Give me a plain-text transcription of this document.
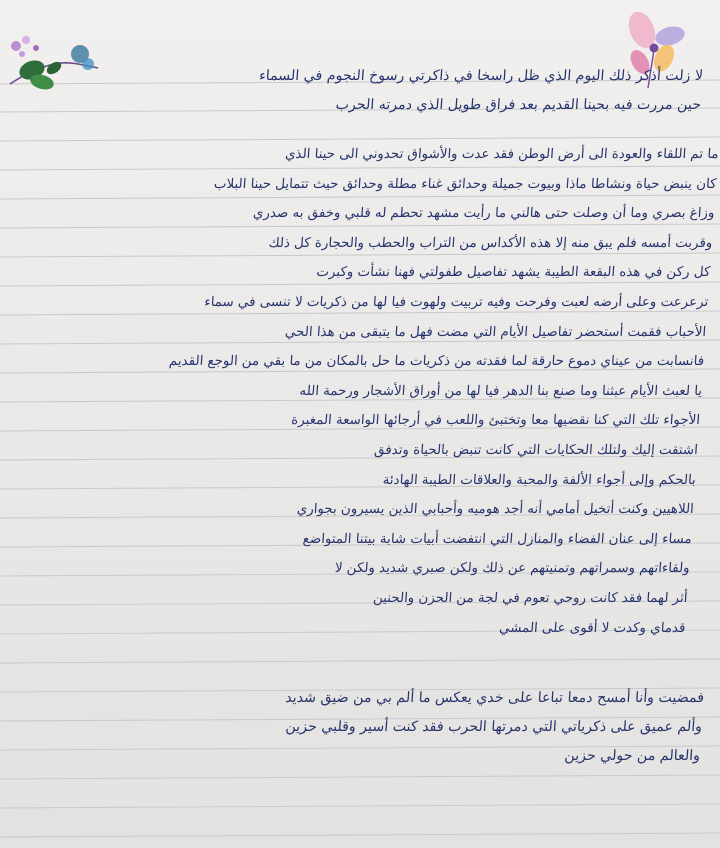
لا زلت أذكر ذلك اليوم الذي ظل راسخا في ذاكرتي رسوخ النجوم في السماء
حين مررت فيه بحينا القديم بعد فراق طويل الذي دمرته الحرب
ما تم اللقاء والعودة الى أرض الوطن فقد عدت والأشواق تحدوني الى حينا الذي
كان ينبض حياة ونشاطا ماذا وبيوت جميلة وحدائق غناء مطلة وحدائق حيث تتمايل حينا البلاب
وزاغ بصري وما أن وصلت حتى هالني ما رأيت مشهد تحطم له قلبي وخفق به صدري
وقربت أمسه فلم يبق منه إلا هذه الأكداس من التراب والحطب والحجارة كل ذلك
كل ركن في هذه البقعة الطيبة يشهد تفاصيل طفولتي فهنا نشأت وكبرت
ترعرعت وعلى أرضه لعبت وفرحت وفيه تربيت ولهوت فيا لها من ذكريات لا تنسى في سماء
الأحباب فقمت أستحضر تفاصيل الأيام التي مضت فهل ما يتبقى من هذا الحي
فانسابت من عيناي دموع حارقة لما فقدته من ذكريات ما حل بالمكان من ما بقي من الوجع القديم
يا لعبث الأيام عبثنا وما صنع بنا الدهر فيا لها من أوراق الأشجار ورحمة الله
الأجواء تلك التي كنا نقضيها معا وتختبئ واللعب في أرجائها الواسعة المغبرة
اشتقت إليك ولتلك الحكايات التي كانت تنبض بالحياة وتدفق
بالحكم وإلى أجواء الألفة والمحبة والعلاقات الطيبة الهادئة
اللاهيين وكنت أتخيل أمامي أنه أجد هوميه وأحبابي الذين يسيرون بجواري
مساء إلى عنان الفضاء والمنازل التي انتفضت أبيات شابة بيتنا المتواضع
ولقاءاتهم وسمراتهم وتمنيتهم عن ذلك ولكن صبري شديد ولكن لا
أثر لهما فقد كانت روحي تعوم في لجة من الحزن والحنين
قدماي وكدت لا أقوى على المشي
فمضيت وأنا أمسح دمعا تباعا على خدي يعكس ما ألم بي من ضيق شديد
وألم عميق على ذكرياتي التي دمرتها الحرب فقد كنت أسير وقلبي حزين
والعالم من حولي حزين
